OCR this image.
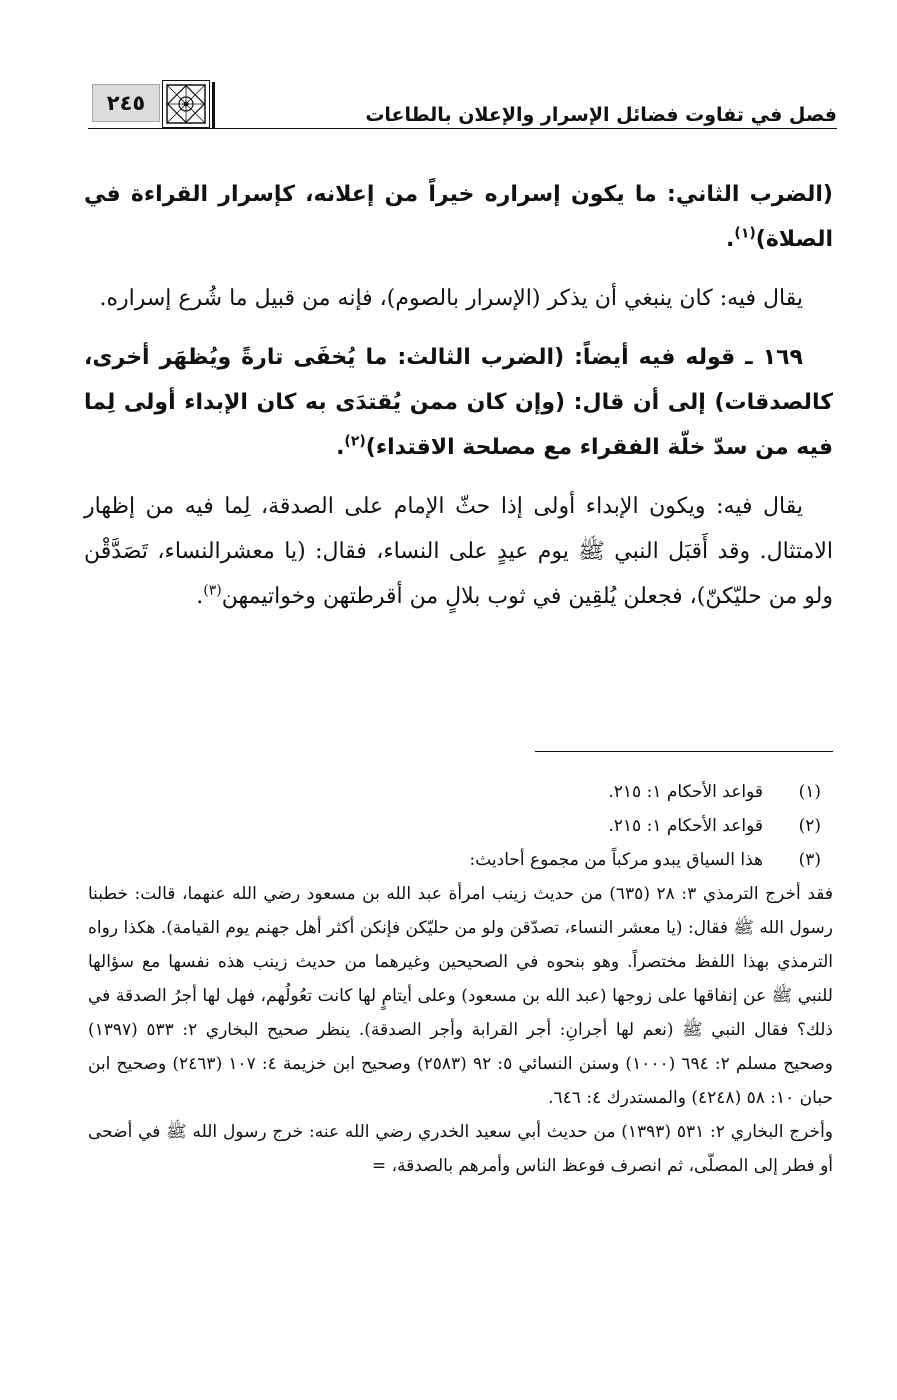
فصل في تفاوت فضائل الإسرار والإعلان بالطاعات
٢٤٥

(الضرب الثاني: ما يكون إسراره خيراً من إعلانه، كإسرار القراءة في الصلاة)$^{(١)}$.

يقال فيه: كان ينبغي أن يذكر (الإسرار بالصوم)، فإنه من قبيل ما شُرع إسراره.

١٦٩ ـ قوله فيه أيضاً: (الضرب الثالث: ما يُخفَى تارةً ويُظهَر أخرى، كالصدقات) إلى أن قال: (وإن كان ممن يُقتدَى به كان الإبداء أولى لِما فيه من سدّ خلّة الفقراء مع مصلحة الاقتداء)$^{(٢)}$.

يقال فيه: ويكون الإبداء أولى إذا حثّ الإمام على الصدقة، لِما فيه من إظهار الامتثال. وقد أَقبَل النبي ﷺ يوم عيدٍ على النساء، فقال: (يا معشرالنساء، تَصَدَّقْن ولو من حليّكنّ)، فجعلن يُلقِين في ثوب بلالٍ من أقرطتهن وخواتيمهن$^{(٣)}$.

(١)
قواعد الأحكام ١: ٢١٥.
(٢)
قواعد الأحكام ١: ٢١٥.
(٣)
هذا السياق يبدو مركباً من مجموع أحاديث:

فقد أخرج الترمذي ٣: ٢٨ (٦٣٥) من حديث زينب امرأة عبد الله بن مسعود رضي الله عنهما، قالت: خطبنا رسول الله ﷺ فقال: (يا معشر النساء، تصدّقن ولو من حليّكن فإنكن أكثر أهل جهنم يوم القيامة). هكذا رواه الترمذي بهذا اللفظ مختصراً. وهو بنحوه في الصحيحين وغيرهما من حديث زينب هذه نفسها مع سؤالها للنبي ﷺ عن إنفاقها على زوجها (عبد الله بن مسعود) وعلى أيتامٍ لها كانت تعُولُهم، فهل لها أجرُ الصدقة في ذلك؟ فقال النبي ﷺ (نعم لها أجرانِ: أجر القرابة وأجر الصدقة). ينظر صحيح البخاري ٢: ٥٣٣ (١٣٩٧) وصحيح مسلم ٢: ٦٩٤ (١٠٠٠) وسنن النسائي ٥: ٩٢ (٢٥٨٣) وصحيح ابن خزيمة ٤: ١٠٧ (٢٤٦٣) وصحيح ابن حبان ١٠: ٥٨ (٤٢٤٨) والمستدرك ٤: ٦٤٦.

وأخرج البخاري ٢: ٥٣١ (١٣٩٣) من حديث أبي سعيد الخدري رضي الله عنه: خرج رسول الله ﷺ في أضحى أو فطر إلى المصلّى، ثم انصرف فوعظ الناس وأمرهم بالصدقة، =
